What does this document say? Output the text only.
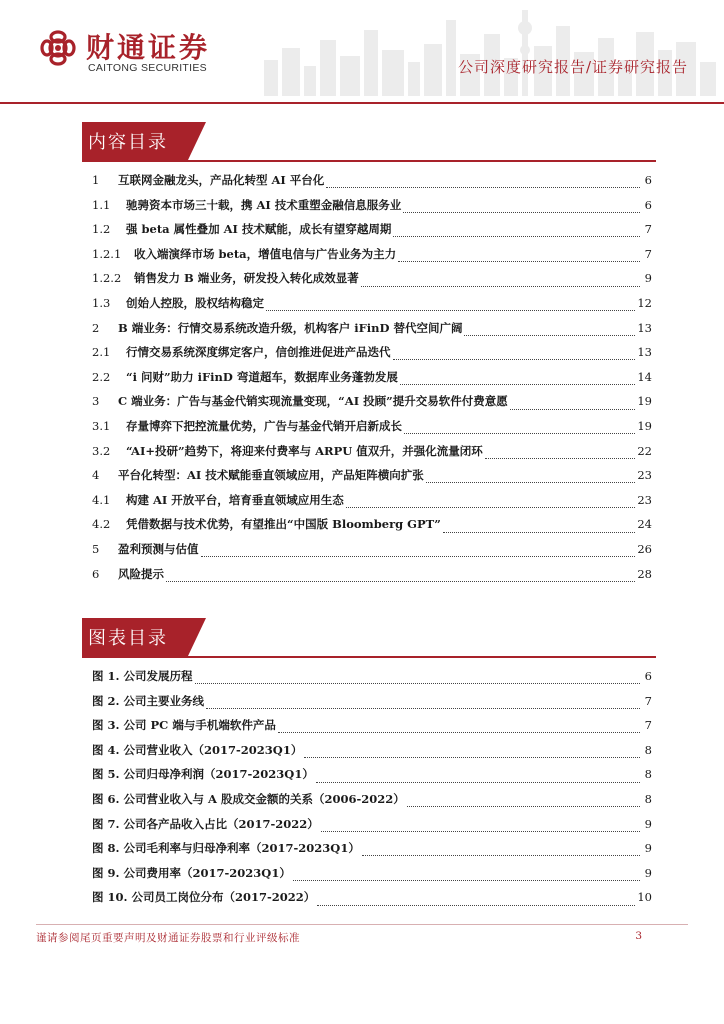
财通证券
CAITONG SECURITIES	公司深度研究报告/证券研究报告
内容目录
1	互联网金融龙头，产品化转型 AI 平台化	6
1.1	驰骋资本市场三十载，携 AI 技术重塑金融信息服务业	6
1.2	强 beta 属性叠加 AI 技术赋能，成长有望穿越周期	7
1.2.1	收入端演绎市场 beta，增值电信与广告业务为主力	7
1.2.2	销售发力 B 端业务，研发投入转化成效显著	9
1.3	创始人控股，股权结构稳定	12
2	B 端业务：行情交易系统改造升级，机构客户 iFinD 替代空间广阔	13
2.1	行情交易系统深度绑定客户，信创推进促进产品迭代	13
2.2	“i 问财”助力 iFinD 弯道超车，数据库业务蓬勃发展	14
3	C 端业务：广告与基金代销实现流量变现，“AI 投顾”提升交易软件付费意愿	19
3.1	存量博弈下把控流量优势，广告与基金代销开启新成长	19
3.2	“AI+投研”趋势下，将迎来付费率与 ARPU 值双升，并强化流量闭环	22
4	平台化转型：AI 技术赋能垂直领域应用，产品矩阵横向扩张	23
4.1	构建 AI 开放平台，培育垂直领域应用生态	23
4.2	凭借数据与技术优势，有望推出“中国版 Bloomberg GPT”	24
5	盈利预测与估值	26
6	风险提示	28
图表目录
图 1. 公司发展历程	6
图 2. 公司主要业务线	7
图 3. 公司 PC 端与手机端软件产品	7
图 4. 公司营业收入（2017-2023Q1）	8
图 5. 公司归母净利润（2017-2023Q1）	8
图 6. 公司营业收入与 A 股成交金额的关系（2006-2022）	8
图 7. 公司各产品收入占比（2017-2022）	9
图 8. 公司毛利率与归母净利率（2017-2023Q1）	9
图 9. 公司费用率（2017-2023Q1）	9
图 10. 公司员工岗位分布（2017-2022）	10
谨请参阅尾页重要声明及财通证券股票和行业评级标准	3
